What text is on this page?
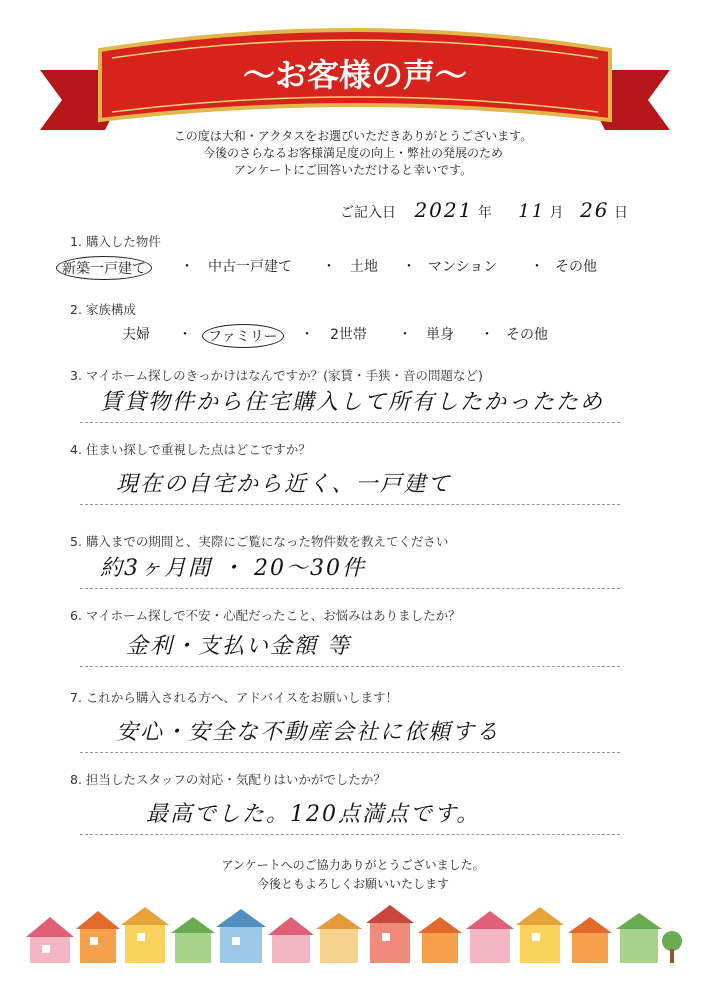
～お客様の声～
この度は大和・アクタスをお選びいただきありがとうございます。
今後のさらなるお客様満足度の向上・弊社の発展のため
アンケートにご回答いただけると幸いです。
ご記入日 2021 年 11 月 26 日
1. 購入した物件
新築一戸建て	・ 中古一戸建て ・ 土地 ・ マンション ・ その他
2. 家族構成
夫婦 ・	ファミリー	・ 2世帯 ・ 単身 ・ その他
3. マイホーム探しのきっかけはなんですか？(家賃・手狭・音の問題など)
賃貸物件から住宅購入して所有したかったため
4. 住まい探しで重視した点はどこですか？
現在の自宅から近く、一戸建て
5. 購入までの期間と、実際にご覧になった物件数を教えてください
約3ヶ月間 ・ 20～30件
6. マイホーム探しで不安・心配だったこと、お悩みはありましたか？
金利・支払い金額 等
7. これから購入される方へ、アドバイスをお願いします！
安心・安全な不動産会社に依頼する
8. 担当したスタッフの対応・気配りはいかがでしたか？
最高でした。120点満点です。
アンケートへのご協力ありがとうございました。
今後ともよろしくお願いいたします
